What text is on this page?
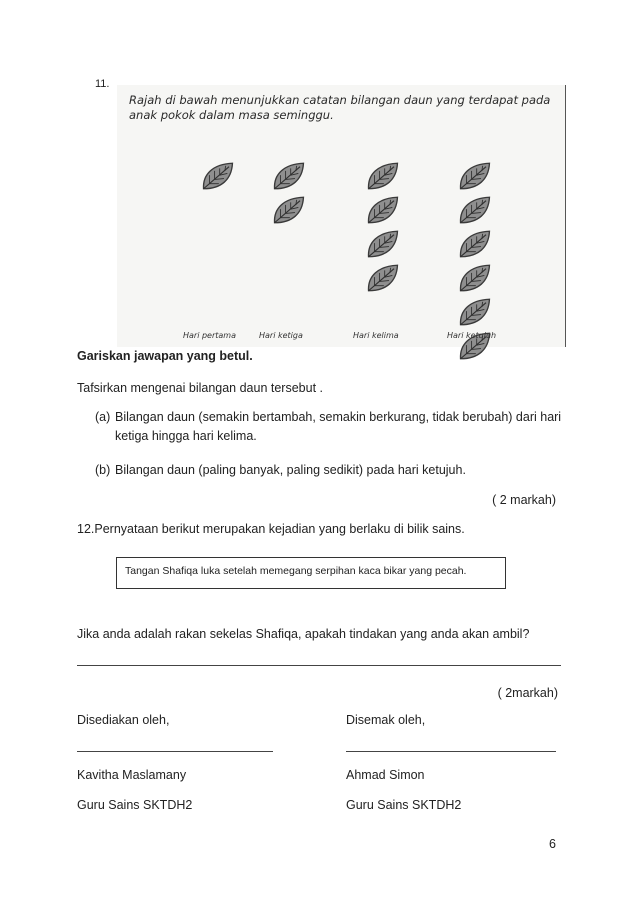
11.
Rajah di bawah menunjukkan catatan bilangan daun yang terdapat pada anak pokok dalam masa seminggu.
Hari pertama	Hari ketiga	Hari kelima	Hari ketujuh
Gariskan jawapan yang betul.
Tafsirkan mengenai bilangan daun tersebut .
(a) Bilangan daun (semakin bertambah, semakin berkurang, tidak berubah) dari hari
ketiga hingga hari kelima.
(b) Bilangan daun (paling banyak, paling sedikit) pada hari ketujuh.
( 2 markah)
12.Pernyataan berikut merupakan kejadian yang berlaku di bilik sains.
Tangan Shafiqa luka setelah memegang serpihan kaca bikar yang pecah.
Jika anda adalah rakan sekelas Shafiqa, apakah tindakan yang anda akan ambil?
( 2markah)
Disediakan oleh,	Disemak oleh,
Kavitha Maslamany	Ahmad Simon
Guru Sains SKTDH2	Guru Sains SKTDH2
6
